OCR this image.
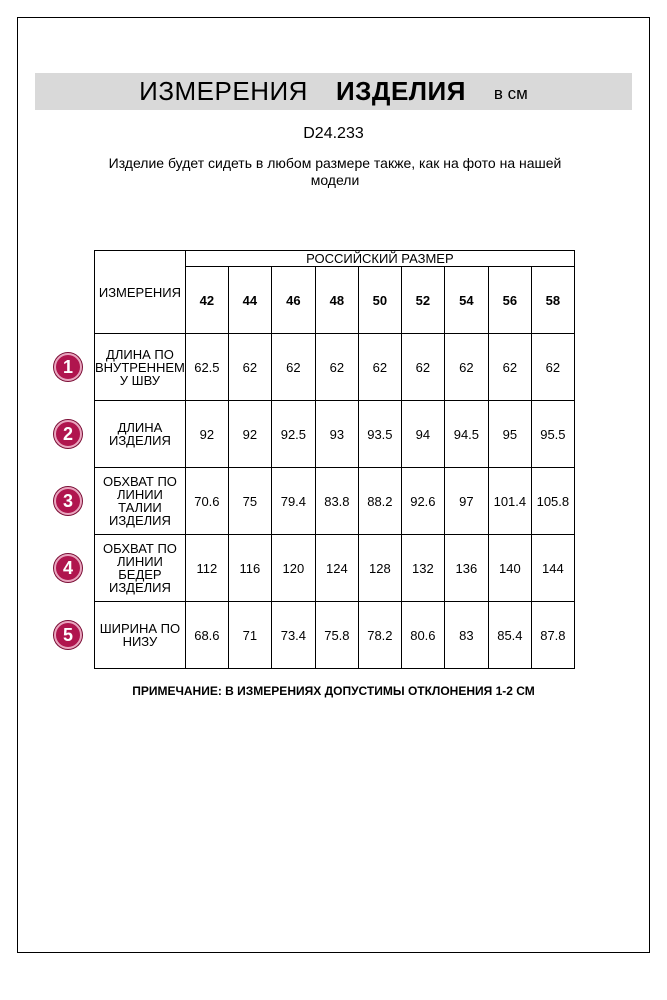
ИЗМЕРЕНИЯ ИЗДЕЛИЯ в см
D24.233
Изделие будет сидеть в любом размере также, как на фото на нашей модели
ИЗМЕРЕНИЯ	РОССИЙСКИЙ РАЗМЕР								
	42	44	46	48	50	52	54	56	58
ДЛИНА ПО ВНУТРЕННЕМ У ШВУ	62.5	62	62	62	62	62	62	62	62
ДЛИНА ИЗДЕЛИЯ	92	92	92.5	93	93.5	94	94.5	95	95.5
ОБХВАТ ПО ЛИНИИ ТАЛИИ ИЗДЕЛИЯ	70.6	75	79.4	83.8	88.2	92.6	97	101.4	105.8
ОБХВАТ ПО ЛИНИИ БЕДЕР ИЗДЕЛИЯ	112	116	120	124	128	132	136	140	144
ШИРИНА ПО НИЗУ	68.6	71	73.4	75.8	78.2	80.6	83	85.4	87.8
1
2
3
4
5
ПРИМЕЧАНИЕ: В ИЗМЕРЕНИЯХ ДОПУСТИМЫ ОТКЛОНЕНИЯ 1-2 СМ
